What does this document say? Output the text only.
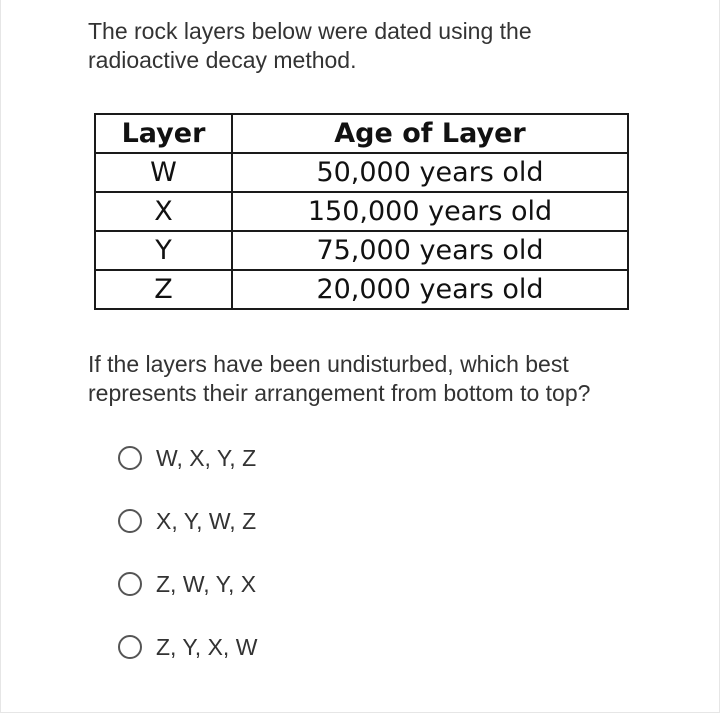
The rock layers below were dated using the radioactive decay method.

Layer	Age of Layer
W	50,000 years old
X	150,000 years old
Y	75,000 years old
Z	20,000 years old

If the layers have been undisturbed, which best represents their arrangement from bottom to top?

W, X, Y, Z
X, Y, W, Z
Z, W, Y, X
Z, Y, X, W
